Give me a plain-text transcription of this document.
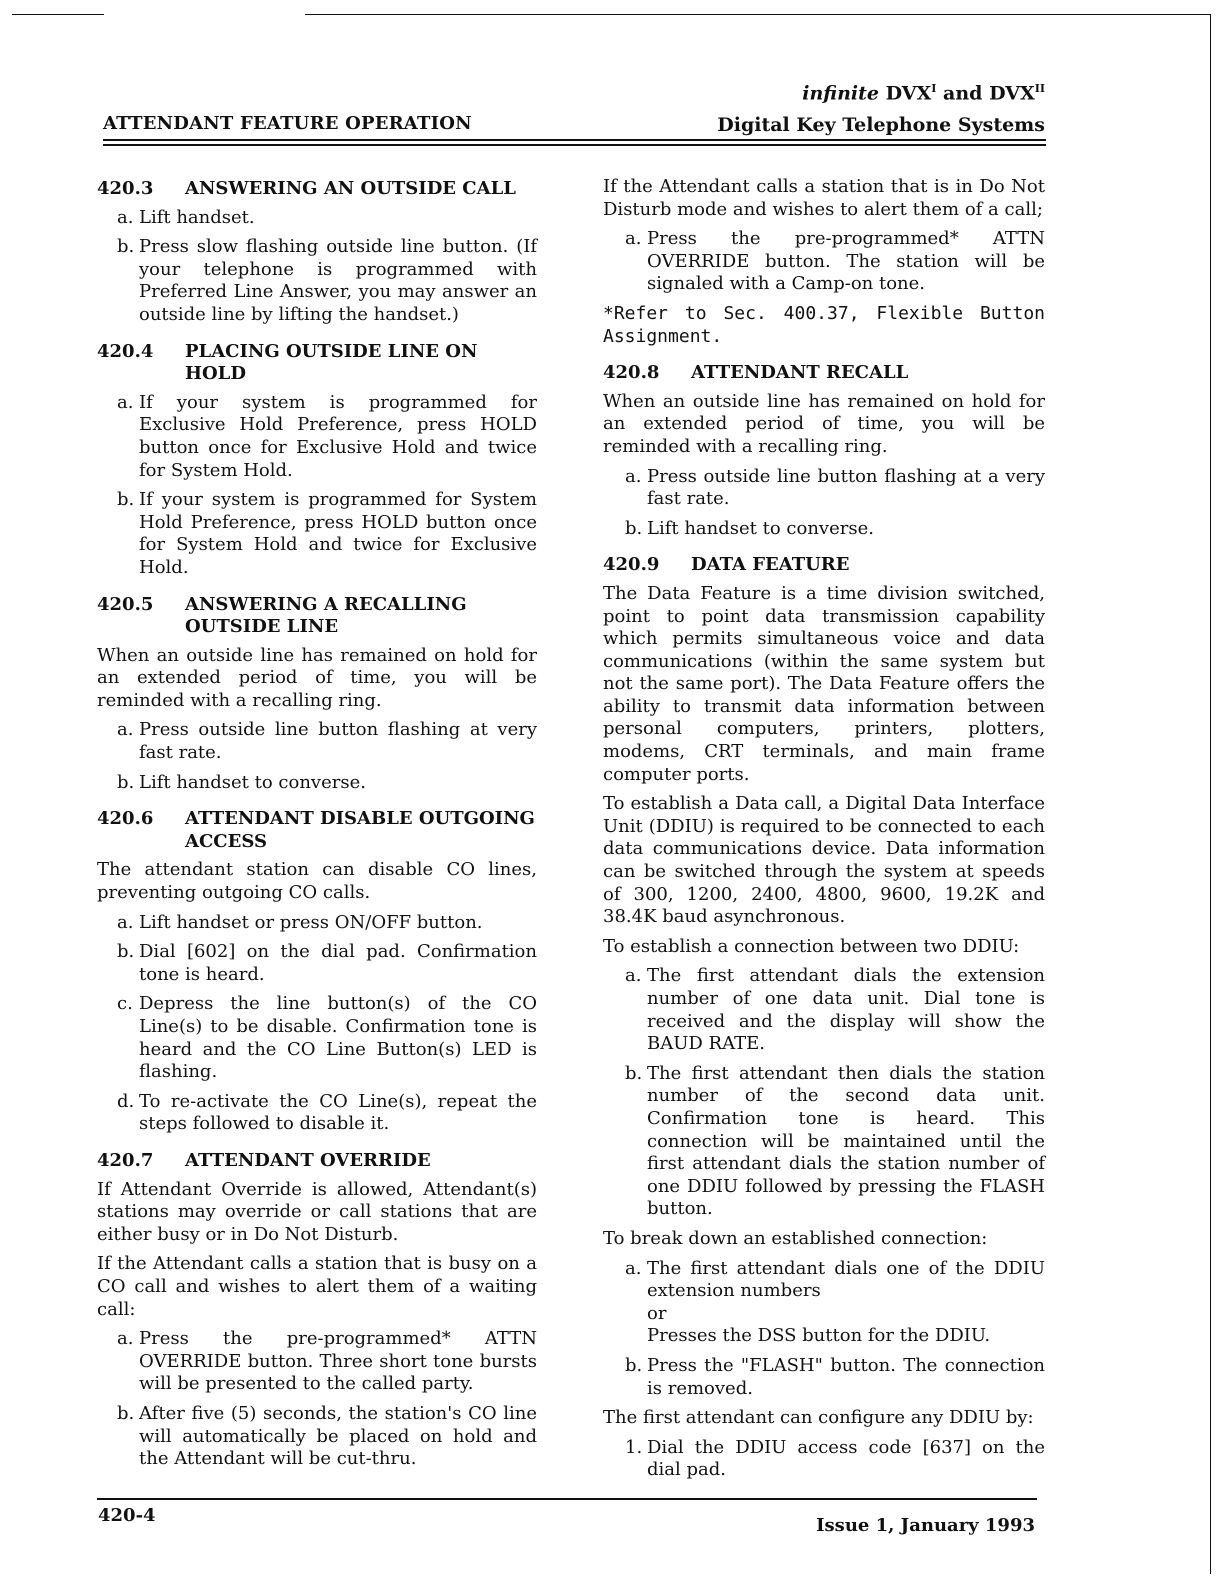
ATTENDANT FEATURE OPERATION
infinite $DVX^I$ and $DVX^{II}$
Digital Key Telephone Systems
420.3	ANSWERING AN OUTSIDE CALL
a. Lift handset.
b. Press slow flashing outside line button. (If your telephone is programmed with Preferred Line Answer, you may answer an outside line by lifting the handset.)
420.4	PLACING OUTSIDE LINE ON HOLD
a. If your system is programmed for Exclusive Hold Preference, press HOLD button once for Exclusive Hold and twice for System Hold.
b. If your system is programmed for System Hold Preference, press HOLD button once for System Hold and twice for Exclusive Hold.
420.5	ANSWERING A RECALLING OUTSIDE LINE

When an outside line has remained on hold for an extended period of time, you will be reminded with a recalling ring.

a. Press outside line button flashing at very fast rate.
b. Lift handset to converse.
420.6	ATTENDANT DISABLE OUTGOING ACCESS

The attendant station can disable CO lines, preventing outgoing CO calls.

a. Lift handset or press ON/OFF button.
b. Dial [602] on the dial pad. Confirmation tone is heard.
c. Depress the line button(s) of the CO Line(s) to be disable. Confirmation tone is heard and the CO Line Button(s) LED is flashing.
d. To re-activate the CO Line(s), repeat the steps followed to disable it.
420.7	ATTENDANT OVERRIDE

If Attendant Override is allowed, Attendant(s) stations may override or call stations that are either busy or in Do Not Disturb.

If the Attendant calls a station that is busy on a CO call and wishes to alert them of a waiting call:

a. Press the pre-programmed* ATTN OVERRIDE button. Three short tone bursts will be presented to the called party.
b. After five (5) seconds, the station's CO line will automatically be placed on hold and the Attendant will be cut-thru.

If the Attendant calls a station that is in Do Not Disturb mode and wishes to alert them of a call;

a. Press the pre-programmed* ATTN OVERRIDE button. The station will be signaled with a Camp-on tone.

*Refer to Sec. 400.37, Flexible Button Assignment.

420.8	ATTENDANT RECALL

When an outside line has remained on hold for an extended period of time, you will be reminded with a recalling ring.

a. Press outside line button flashing at a very fast rate.
b. Lift handset to converse.
420.9	DATA FEATURE

The Data Feature is a time division switched, point to point data transmission capability which permits simultaneous voice and data communications (within the same system but not the same port). The Data Feature offers the ability to transmit data information between personal computers, printers, plotters, modems, CRT terminals, and main frame computer ports.

To establish a Data call, a Digital Data Interface Unit (DDIU) is required to be connected to each data communications device. Data information can be switched through the system at speeds of 300, 1200, 2400, 4800, 9600, 19.2K and 38.4K baud asynchronous.

To establish a connection between two DDIU:

a. The first attendant dials the extension number of one data unit. Dial tone is received and the display will show the BAUD RATE.
b. The first attendant then dials the station number of the second data unit. Confirmation tone is heard. This connection will be maintained until the first attendant dials the station number of one DDIU followed by pressing the FLASH button.

To break down an established connection:

a. The first attendant dials one of the DDIU extension numbers
or
Presses the DSS button for the DDIU.
b. Press the "FLASH" button. The connection is removed.

The first attendant can configure any DDIU by:

1. Dial the DDIU access code [637] on the dial pad.
420-4	Issue 1, January 1993
